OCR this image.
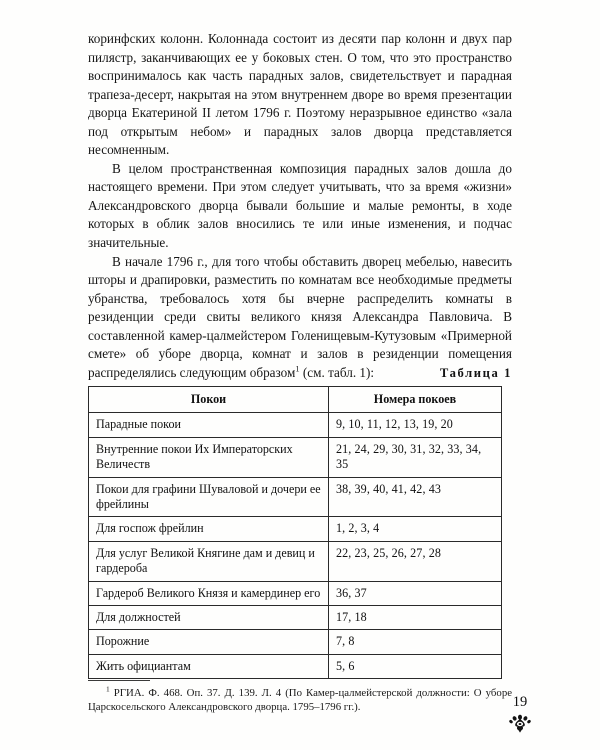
коринфских колонн. Колоннада состоит из десяти пар колонн и двух пар пилястр, заканчивающих ее у боковых стен. О том, что это пространство воспринималось как часть парадных залов, свидетельствует и парадная трапеза-десерт, накрытая на этом внутреннем дворе во время презентации дворца Екатериной II летом 1796 г. Поэтому неразрывное единство «зала под открытым небом» и парадных залов дворца представляется несомненным.

В целом пространственная композиция парадных залов дошла до настоящего времени. При этом следует учитывать, что за время «жизни» Александровского дворца бывали большие и малые ремонты, в ходе которых в облик залов вносились те или иные изменения, и подчас значительные.

В начале 1796 г., для того чтобы обставить дворец мебелью, навесить шторы и драпировки, разместить по комнатам все необходимые предметы убранства, требовалось хотя бы вчерне распределить комнаты в резиденции среди свиты великого князя Александра Павловича. В составленной камер-цалмейстером Голенищевым-Кутузовым «Примерной смете» об уборе дворца, комнат и залов в резиденции помещения распределялись следующим образом$^1$ (см. табл. 1):	Таблица 1
Покои	Номера покоев
Парадные покои	9, 10, 11, 12, 13, 19, 20
Внутренние покои Их Императорских Величеств	21, 24, 29, 30, 31, 32, 33, 34, 35
Покои для графини Шуваловой и дочери ее фрейлины	38, 39, 40, 41, 42, 43
Для госпож фрейлин	1, 2, 3, 4
Для услуг Великой Княгине дам и девиц и гардероба	22, 23, 25, 26, 27, 28
Гардероб Великого Князя и камердинер его	36, 37
Для должностей	17, 18
Порожние	7, 8
Жить официантам	5, 6

$^1$ РГИА. Ф. 468. Оп. 37. Д. 139. Л. 4 (По Камер-цалмейстерской должности: О уборе Царскосельского Александровского дворца. 1795–1796 гг.).	19
